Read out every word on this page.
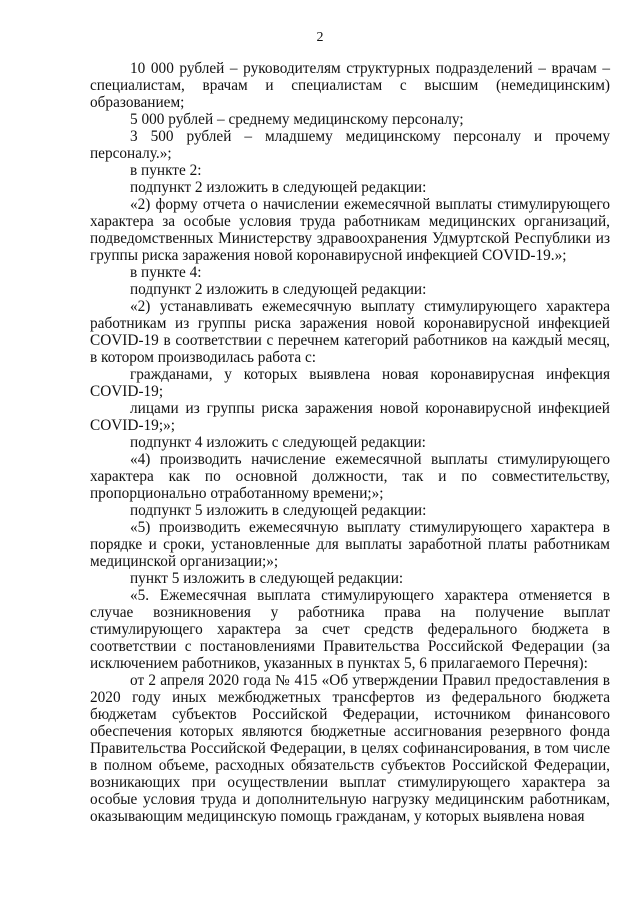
2

10 000 рублей – руководителям структурных подразделений – врачам – специалистам, врачам и специалистам с высшим (немедицинским) образованием;

5 000 рублей – среднему медицинскому персоналу;

3 500 рублей – младшему медицинскому персоналу и прочему персоналу.»;

в пункте 2:

подпункт 2 изложить в следующей редакции:

«2) форму отчета о начислении ежемесячной выплаты стимулирующего характера за особые условия труда работникам медицинских организаций, подведомственных Министерству здравоохранения Удмуртской Республики из группы риска заражения новой коронавирусной инфекцией COVID-19.»;

в пункте 4:

подпункт 2 изложить в следующей редакции:

«2) устанавливать ежемесячную выплату стимулирующего характера работникам из группы риска заражения новой коронавирусной инфекцией COVID-19 в соответствии с перечнем категорий работников на каждый месяц, в котором производилась работа с:

гражданами, у которых выявлена новая коронавирусная инфекция COVID-19;

лицами из группы риска заражения новой коронавирусной инфекцией COVID-19;»;

подпункт 4 изложить с следующей редакции:

«4) производить начисление ежемесячной выплаты стимулирующего характера как по основной должности, так и по совместительству, пропорционально отработанному времени;»;

подпункт 5 изложить в следующей редакции:

«5) производить ежемесячную выплату стимулирующего характера в порядке и сроки, установленные для выплаты заработной платы работникам медицинской организации;»;

пункт 5 изложить в следующей редакции:

«5. Ежемесячная выплата стимулирующего характера отменяется в случае возникновения у работника права на получение выплат стимулирующего характера за счет средств федерального бюджета в соответствии с постановлениями Правительства Российской Федерации (за исключением работников, указанных в пунктах 5, 6 прилагаемого Перечня):

от 2 апреля 2020 года № 415 «Об утверждении Правил предоставления в 2020 году иных межбюджетных трансфертов из федерального бюджета бюджетам субъектов Российской Федерации, источником финансового обеспечения которых являются бюджетные ассигнования резервного фонда Правительства Российской Федерации, в целях софинансирования, в том числе в полном объеме, расходных обязательств субъектов Российской Федерации, возникающих при осуществлении выплат стимулирующего характера за особые условия труда и дополнительную нагрузку медицинским работникам, оказывающим медицинскую помощь гражданам, у которых выявлена новая
